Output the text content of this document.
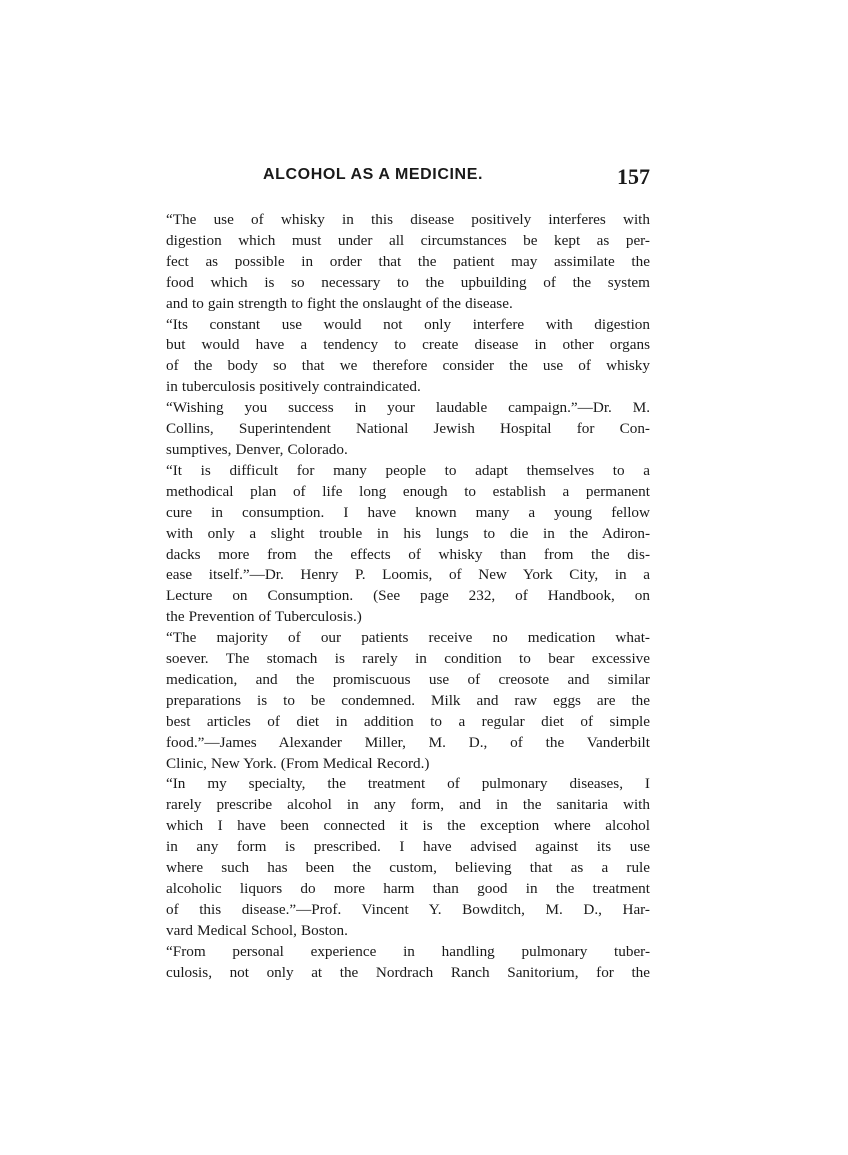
ALCOHOL AS A MEDICINE.	157

“The use of whisky in this disease positively interferes with
digestion which must under all circumstances be kept as per-
fect as possible in order that the patient may assimilate the
food which is so necessary to the upbuilding of the system
and to gain strength to fight the onslaught of the disease.

“Its constant use would not only interfere with digestion
but would have a tendency to create disease in other organs
of the body so that we therefore consider the use of whisky
in tuberculosis positively contraindicated.

“Wishing you success in your laudable campaign.”—Dr. M.
Collins, Superintendent National Jewish Hospital for Con-
sumptives, Denver, Colorado.

“It is difficult for many people to adapt themselves to a
methodical plan of life long enough to establish a permanent
cure in consumption. I have known many a young fellow
with only a slight trouble in his lungs to die in the Adiron-
dacks more from the effects of whisky than from the dis-
ease itself.”—Dr. Henry P. Loomis, of New York City, in a
Lecture on Consumption. (See page 232, of Handbook, on
the Prevention of Tuberculosis.)

“The majority of our patients receive no medication what-
soever. The stomach is rarely in condition to bear excessive
medication, and the promiscuous use of creosote and similar
preparations is to be condemned. Milk and raw eggs are the
best articles of diet in addition to a regular diet of simple
food.”—James Alexander Miller, M. D., of the Vanderbilt
Clinic, New York. (From Medical Record.)

“In my specialty, the treatment of pulmonary diseases, I
rarely prescribe alcohol in any form, and in the sanitaria with
which I have been connected it is the exception where alcohol
in any form is prescribed. I have advised against its use
where such has been the custom, believing that as a rule
alcoholic liquors do more harm than good in the treatment
of this disease.”—Prof. Vincent Y. Bowditch, M. D., Har-
vard Medical School, Boston.

“From personal experience in handling pulmonary tuber-
culosis, not only at the Nordrach Ranch Sanitorium, for the
